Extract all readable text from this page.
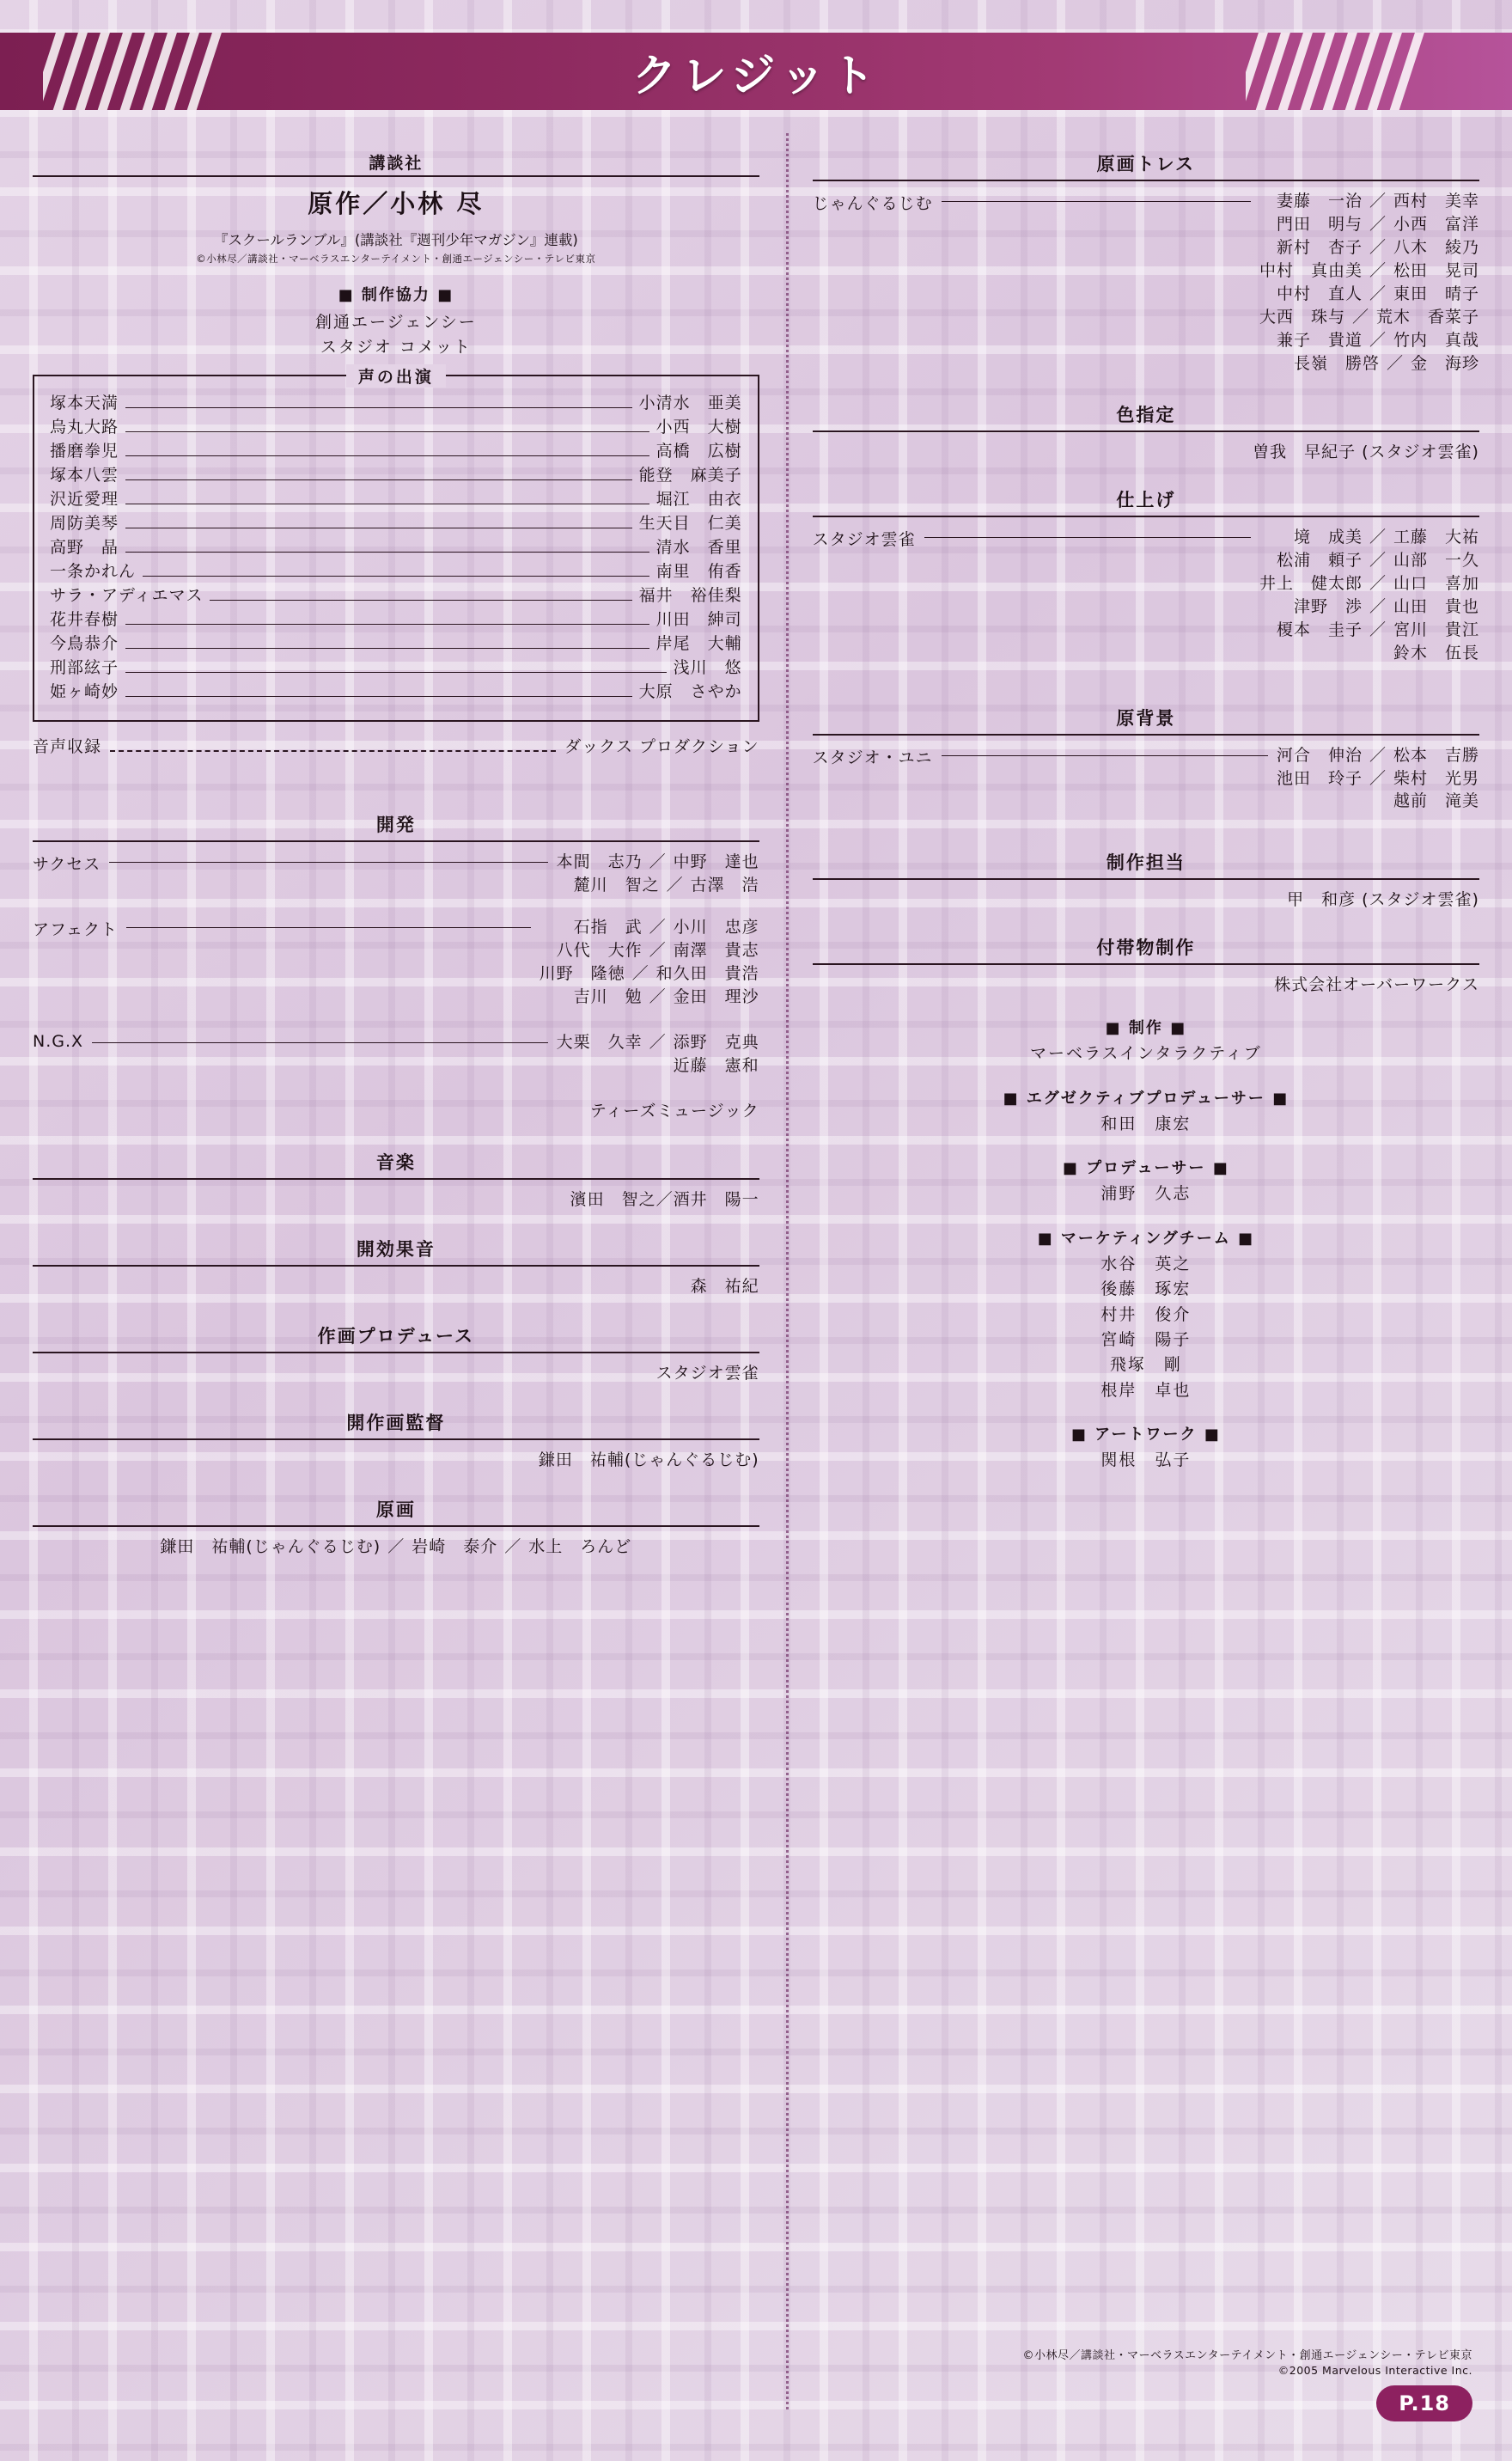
クレジット
講談社
原作／小林 尽
『スクールランブル』(講談社『週刊少年マガジン』連載)
©小林尽／講談社・マーベラスエンターテイメント・創通エージェンシー・テレビ東京
■ 制作協力 ■
創通エージェンシー
スタジオ コメット
声の出演
塚本天満	小清水　亜美
烏丸大路	小西　大樹
播磨拳児	高橋　広樹
塚本八雲	能登　麻美子
沢近愛理	堀江　由衣
周防美琴	生天目　仁美
高野　晶	清水　香里
一条かれん	南里　侑香
サラ・アディエマス	福井　裕佳梨
花井春樹	川田　紳司
今鳥恭介	岸尾　大輔
刑部絃子	浅川　悠
姫ヶ崎妙	大原　さやか
音声収録	ダックス プロダクション
開発
サクセス	本間　志乃 ／ 中野　達也
麓川　智之 ／ 古澤　浩
アフェクト	石指　武 ／ 小川　忠彦
八代　大作 ／ 南澤　貴志
川野　隆徳 ／ 和久田　貴浩
吉川　勉 ／ 金田　理沙
N.G.X	大栗　久幸 ／ 添野　克典
近藤　憲和
ティーズミュージック
音楽
濱田　智之／酒井　陽一
開効果音
森　祐紀
作画プロデュース
スタジオ雲雀
開作画監督
鎌田　祐輔(じゃんぐるじむ)
原画
鎌田　祐輔(じゃんぐるじむ) ／ 岩崎　泰介 ／ 水上　ろんど
原画トレス
じゃんぐるじむ	妻藤　一治 ／ 西村　美幸
門田　明与 ／ 小西　富洋
新村　杏子 ／ 八木　綾乃
中村　真由美 ／ 松田　晃司
中村　直人 ／ 東田　晴子
大西　珠与 ／ 荒木　香菜子
兼子　貴道 ／ 竹内　真哉
長嶺　勝啓 ／ 金　海珍
色指定
曽我　早紀子 (スタジオ雲雀)
仕上げ
スタジオ雲雀	境　成美 ／ 工藤　大祐
松浦　頼子 ／ 山部　一久
井上　健太郎 ／ 山口　喜加
津野　渉 ／ 山田　貴也
榎本　圭子 ／ 宮川　貴江
鈴木　伍長
原背景
スタジオ・ユニ	河合　伸治 ／ 松本　吉勝
池田　玲子 ／ 柴村　光男
越前　滝美
制作担当
甲　和彦 (スタジオ雲雀)
付帯物制作
株式会社オーバーワークス
■ 制作 ■
マーベラスインタラクティブ
■ エグゼクティブプロデューサー ■
和田　康宏
■ プロデューサー ■
浦野　久志
■ マーケティングチーム ■
水谷　英之
後藤　琢宏
村井　俊介
宮崎　陽子
飛塚　剛
根岸　卓也
■ アートワーク ■
関根　弘子
©小林尽／講談社・マーベラスエンターテイメント・創通エージェンシー・テレビ東京
©2005 Marvelous Interactive Inc.
P.18
